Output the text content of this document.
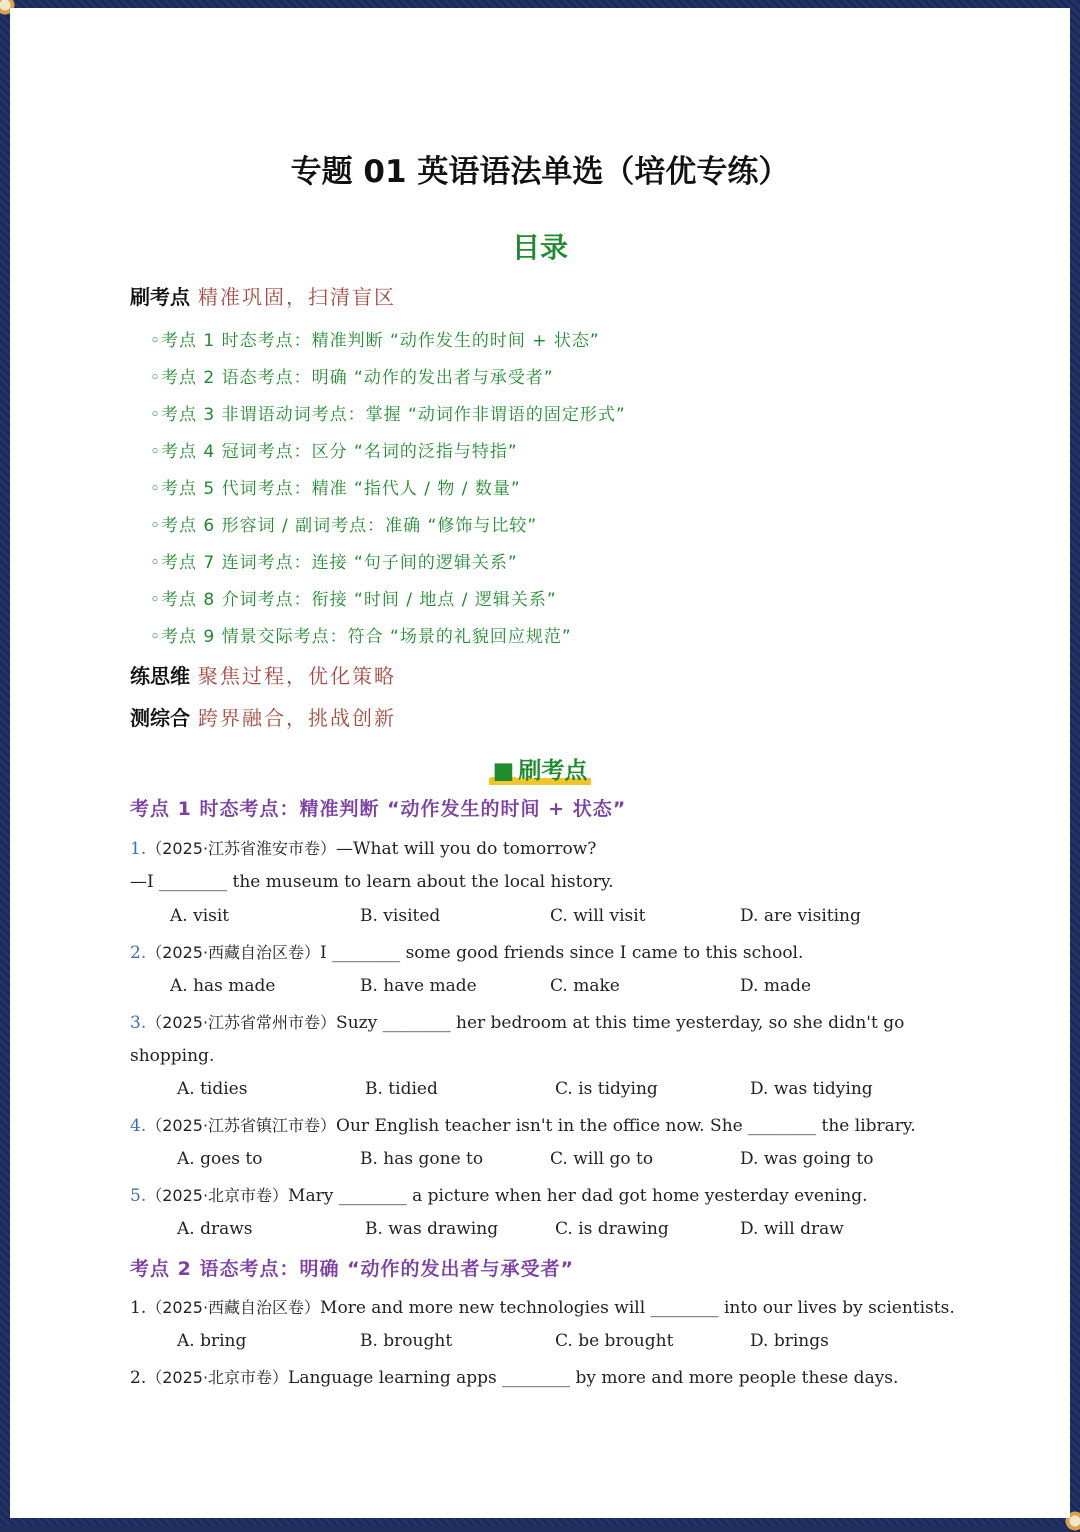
专题 01 英语语法单选（培优专练）
目录
刷考点 精准巩固，扫清盲区
◦考点 1 时态考点：精准判断 “动作发生的时间 + 状态”
◦考点 2 语态考点：明确 “动作的发出者与承受者”
◦考点 3 非谓语动词考点：掌握 “动词作非谓语的固定形式”
◦考点 4 冠词考点：区分 “名词的泛指与特指”
◦考点 5 代词考点：精准 “指代人 / 物 / 数量”
◦考点 6 形容词 / 副词考点：准确 “修饰与比较”
◦考点 7 连词考点：连接 “句子间的逻辑关系”
◦考点 8 介词考点：衔接 “时间 / 地点 / 逻辑关系”
◦考点 9 情景交际考点：符合 “场景的礼貌回应规范”
练思维 聚焦过程，优化策略
测综合 跨界融合，挑战创新
■ 刷考点
考点 1 时态考点：精准判断 “动作发生的时间 + 状态”
1.（2025·江苏省淮安市卷）—What will you do tomorrow?
—I ________ the museum to learn about the local history.
A. visit	B. visited	C. will visit	D. are visiting
2.（2025·西藏自治区卷）I ________ some good friends since I came to this school.
A. has made	B. have made	C. make	D. made
3.（2025·江苏省常州市卷）Suzy ________ her bedroom at this time yesterday, so she didn't go
shopping.
A. tidies	B. tidied	C. is tidying	D. was tidying
4.（2025·江苏省镇江市卷）Our English teacher isn't in the office now. She ________ the library.
A. goes to	B. has gone to	C. will go to	D. was going to
5.（2025·北京市卷）Mary ________ a picture when her dad got home yesterday evening.
A. draws	B. was drawing	C. is drawing	D. will draw
考点 2 语态考点：明确 “动作的发出者与承受者”
1.（2025·西藏自治区卷）More and more new technologies will ________ into our lives by scientists.
A. bring	B. brought	C. be brought	D. brings
2.（2025·北京市卷）Language learning apps ________ by more and more people these days.
